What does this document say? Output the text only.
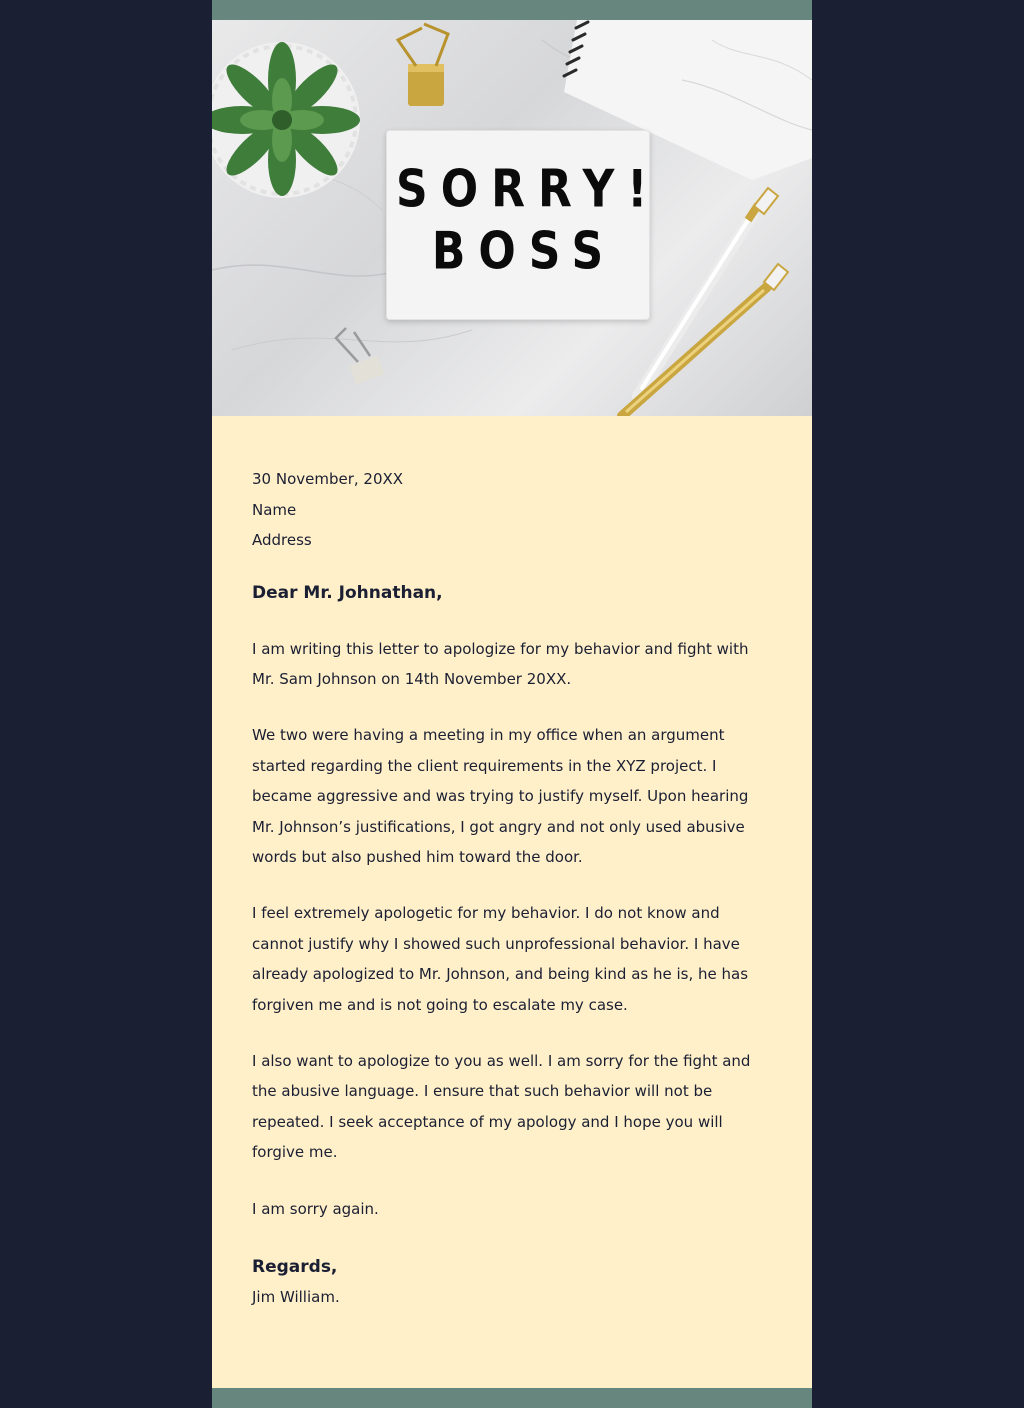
SORRY!
BOSS
30 November, 20XX
Name
Address
Dear Mr. Johnathan,
I am writing this letter to apologize for my behavior and fight with Mr. Sam Johnson on 14th November 20XX.
We two were having a meeting in my office when an argument started regarding the client requirements in the XYZ project. I became aggressive and was trying to justify myself. Upon hearing Mr. Johnson’s justifications, I got angry and not only used abusive words but also pushed him toward the door.
I feel extremely apologetic for my behavior. I do not know and cannot justify why I showed such unprofessional behavior. I have already apologized to Mr. Johnson, and being kind as he is, he has forgiven me and is not going to escalate my case.
I also want to apologize to you as well. I am sorry for the fight and the abusive language. I ensure that such behavior will not be repeated. I seek acceptance of my apology and I hope you will forgive me.
I am sorry again.
Regards,
Jim William.
